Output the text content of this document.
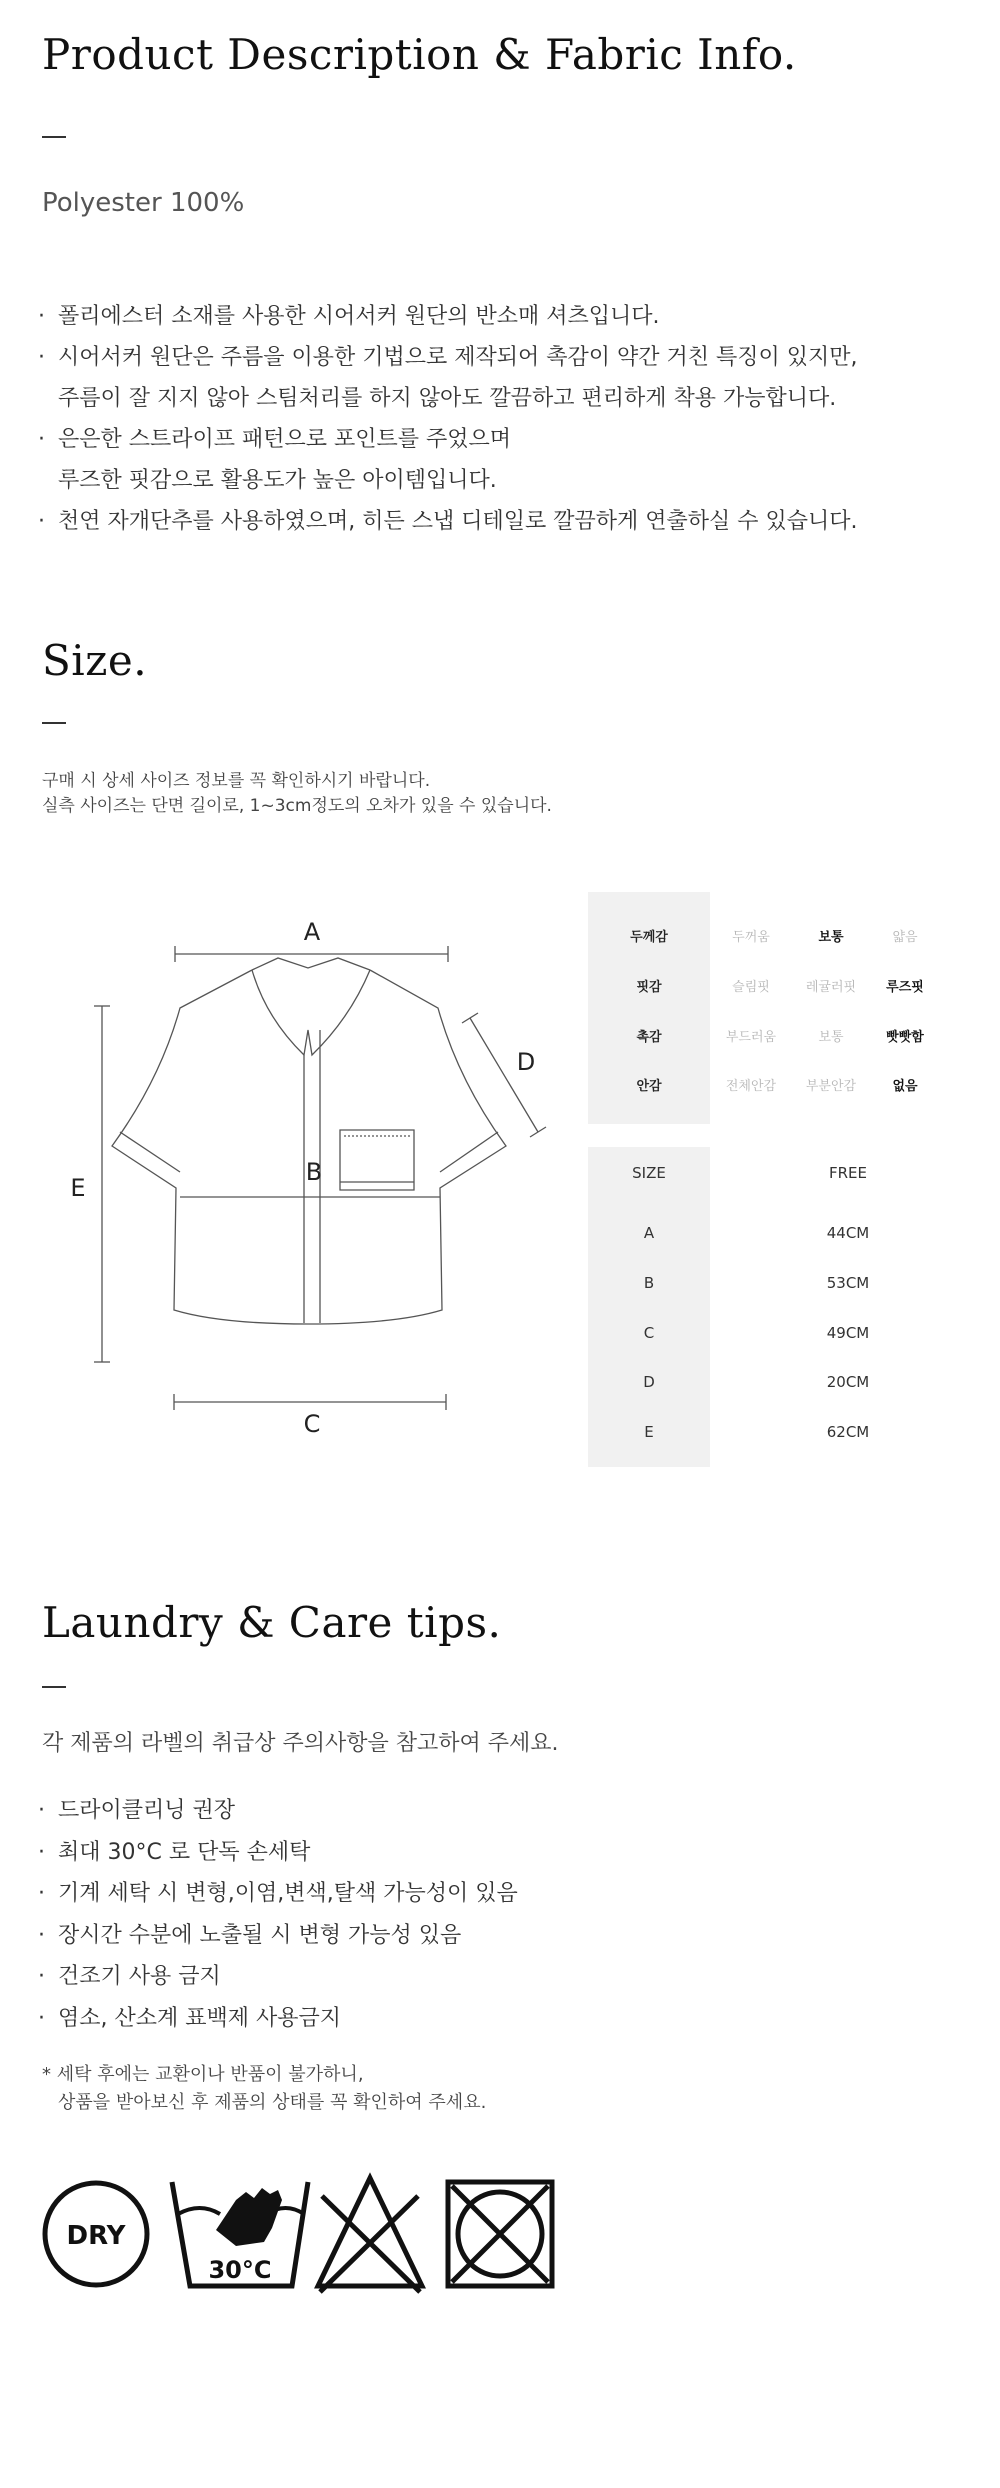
Product Description & Fabric Info.

Polyester 100%

· 폴리에스터 소재를 사용한 시어서커 원단의 반소매 셔츠입니다.
· 시어서커 원단은 주름을 이용한 기법으로 제작되어 촉감이 약간 거친 특징이 있지만,
주름이 잘 지지 않아 스팀처리를 하지 않아도 깔끔하고 편리하게 착용 가능합니다.
· 은은한 스트라이프 패턴으로 포인트를 주었으며
루즈한 핏감으로 활용도가 높은 아이템입니다.
· 천연 자개단추를 사용하였으며, 히든 스냅 디테일로 깔끔하게 연출하실 수 있습니다.
Size.

구매 시 상세 사이즈 정보를 꼭 확인하시기 바랍니다.

실측 사이즈는 단면 길이로, 1~3cm정도의 오차가 있을 수 있습니다.

A
B
C
D
E
두께감	두꺼움	보통	얇음
핏감	슬림핏	레귤러핏	루즈핏
촉감	부드러움	보통	빳빳함
안감	전체안감	부분안감	없음
SIZE	FREE
A	44CM
B	53CM
C	49CM
D	20CM
E	62CM
Laundry & Care tips.

각 제품의 라벨의 취급상 주의사항을 참고하여 주세요.

· 드라이클리닝 권장
· 최대 30°C 로 단독 손세탁
· 기계 세탁 시 변형,이염,변색,탈색 가능성이 있음
· 장시간 수분에 노출될 시 변형 가능성 있음
· 건조기 사용 금지
· 염소, 산소계 표백제 사용금지

* 세탁 후에는 교환이나 반품이 불가하니,

상품을 받아보신 후 제품의 상태를 꼭 확인하여 주세요.

DRY
30°C
